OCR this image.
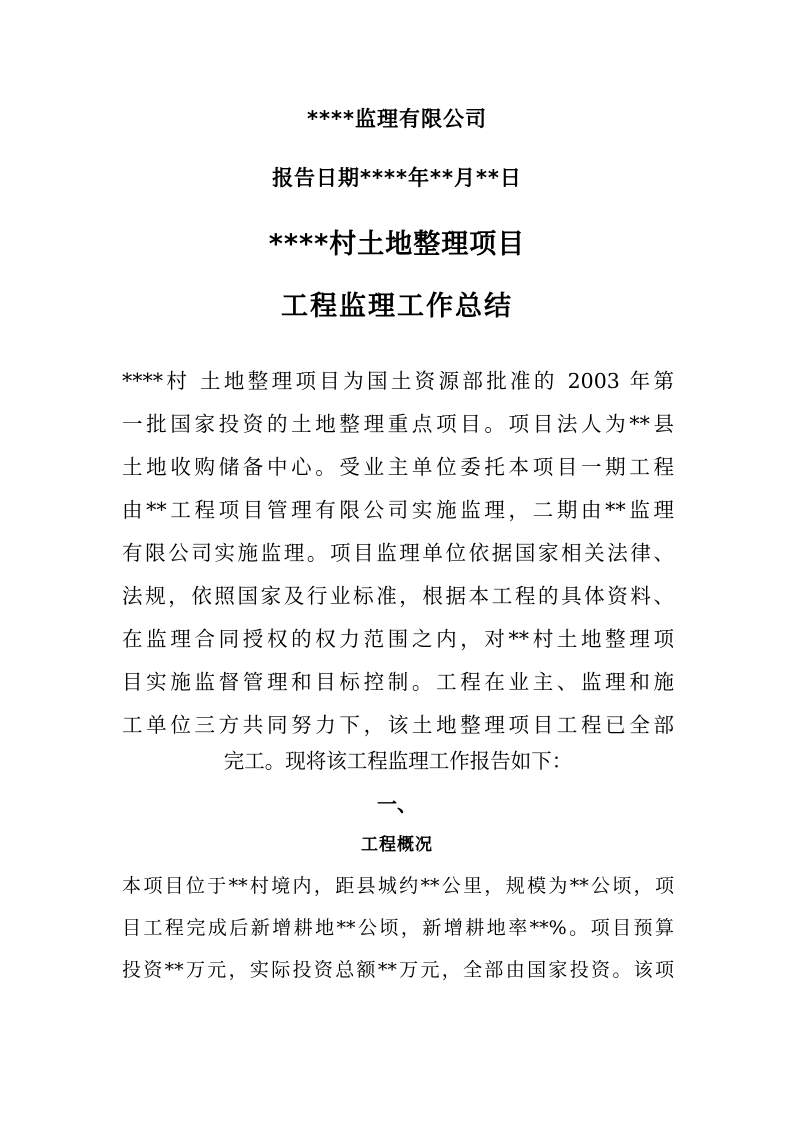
****监理有限公司
报告日期****年**月**日
****村土地整理项目
工程监理工作总结
****村 土地整理项目为国土资源部批准的 2003 年第
一批国家投资的土地整理重点项目。项目法人为**县
土地收购储备中心。受业主单位委托本项目一期工程
由**工程项目管理有限公司实施监理，二期由**监理
有限公司实施监理。项目监理单位依据国家相关法律、
法规，依照国家及行业标准，根据本工程的具体资料、
在监理合同授权的权力范围之内，对**村土地整理项
目实施监督管理和目标控制。工程在业主、监理和施
工单位三方共同努力下，该土地整理项目工程已全部
完工。现将该工程监理工作报告如下：
一、
工程概况
本项目位于**村境内，距县城约**公里，规模为**公顷，项
目工程完成后新增耕地**公顷，新增耕地率**%。项目预算
投资**万元，实际投资总额**万元，全部由国家投资。该项
